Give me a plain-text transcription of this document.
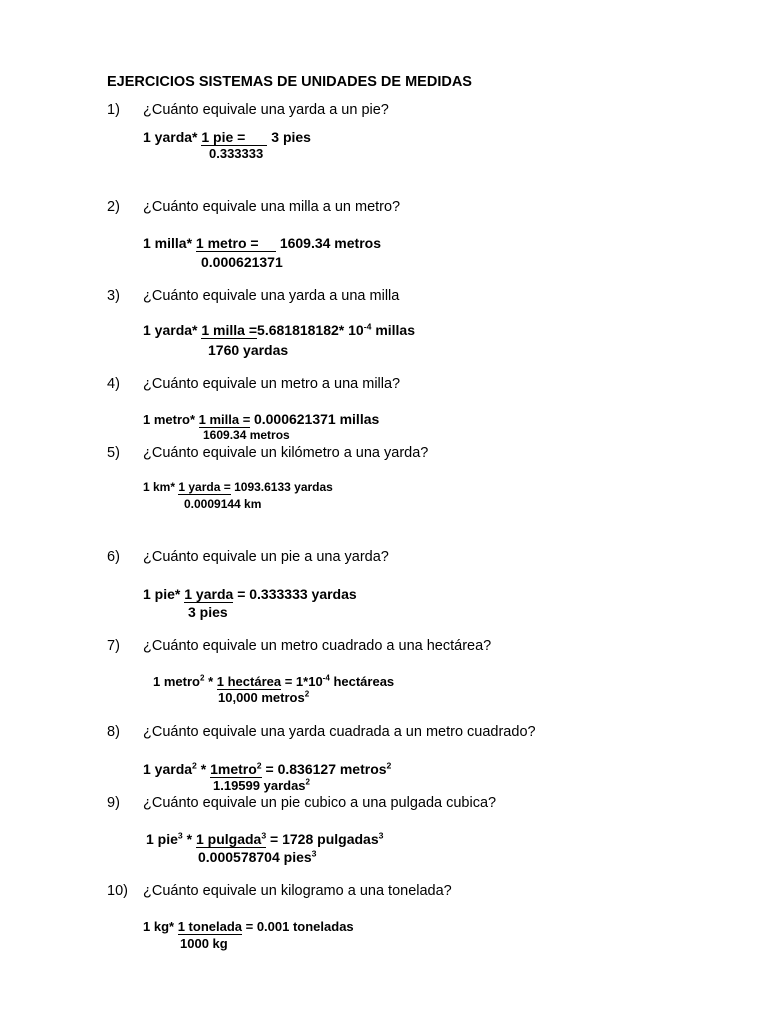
EJERCICIOS SISTEMAS DE UNIDADES DE MEDIDAS
1) ¿Cuánto equivale una yarda a un pie?
1 yarda* 1 pie = 3 pies
0.333333
2) ¿Cuánto equivale una milla a un metro?
1 milla* 1 metro = 1609.34 metros
0.000621371
3) ¿Cuánto equivale una yarda a una milla
1 yarda* 1 milla =5.681818182* $10^{-4}$ millas
1760 yardas
4) ¿Cuánto equivale un metro a una milla?
1 metro* 1 milla = 0.000621371 millas
1609.34 metros
5) ¿Cuánto equivale un kilómetro a una yarda?
1 km* 1 yarda = 1093.6133 yardas
0.0009144 km
6) ¿Cuánto equivale un pie a una yarda?
1 pie* 1 yarda = 0.333333 yardas
3 pies
7) ¿Cuánto equivale un metro cuadrado a una hectárea?
1 metro$^2$ * 1 hectárea = $1*10^{-4}$ hectáreas
10,000 metros$^2$
8) ¿Cuánto equivale una yarda cuadrada a un metro cuadrado?
1 yarda$^2$ * 1metro$^2$ = 0.836127 metros$^2$
1.19599 yardas$^2$
9) ¿Cuánto equivale un pie cubico a una pulgada cubica?
1 pie$^3$ * 1 pulgada$^3$ = 1728 pulgadas$^3$
0.000578704 pies$^3$
10) ¿Cuánto equivale un kilogramo a una tonelada?
1 kg* 1 tonelada = 0.001 toneladas
1000 kg
